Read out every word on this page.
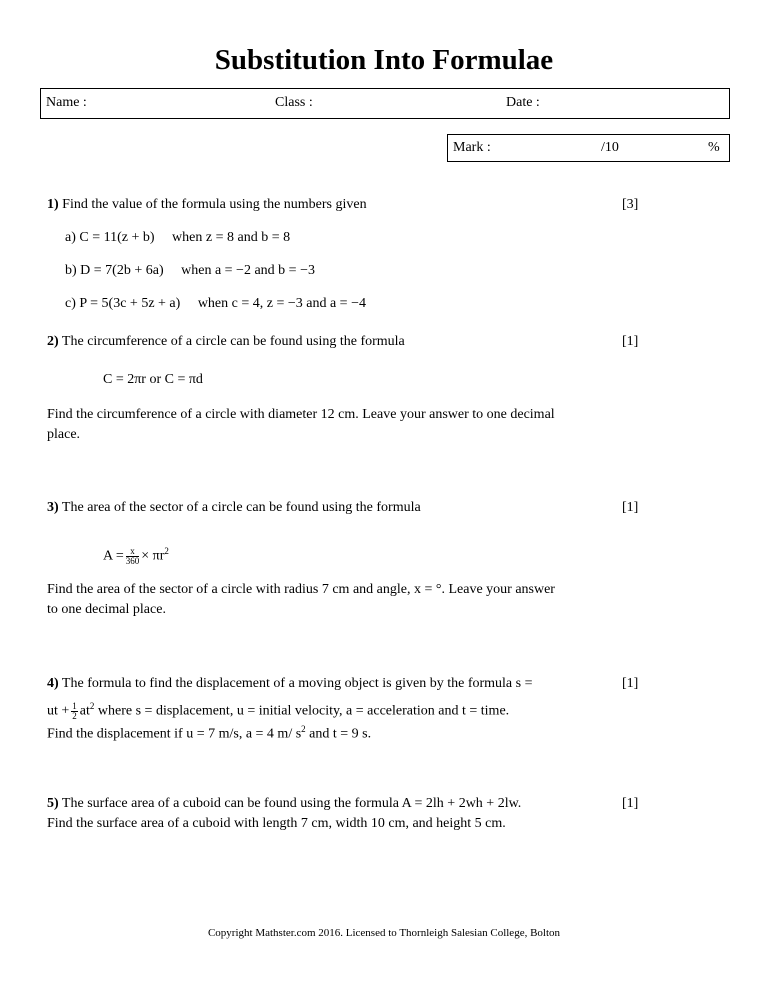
Substitution Into Formulae
Name :	Class :	Date :
Mark :	/10	%
1) Find the value of the formula using the numbers given	[3]
a) C = 11(z + b) when z = 8 and b = 8
b) D = 7(2b + 6a) when a = −2 and b = −3
c) P = 5(3c + 5z + a) when c = 4, z = −3 and a = −4
2) The circumference of a circle can be found using the formula	[1]
C = 2πr or C = πd
Find the circumference of a circle with diameter 12 cm. Leave your answer to one decimal
place.
3) The area of the sector of a circle can be found using the formula	[1]
$A = \frac{x}{360} \times \pi r^2$
Find the area of the sector of a circle with radius 7 cm and angle, x = °. Leave your answer
to one decimal place.
4) The formula to find the displacement of a moving object is given by the formula s =	[1]
ut + $\frac{1}{2} at^2$ where s = displacement, u = initial velocity, a = acceleration and t = time.
Find the displacement if u = 7 m/s, a = 4 m/ $s^2$ and t = 9 s.
5) The surface area of a cuboid can be found using the formula A = 2lh + 2wh + 2lw.	[1]
Find the surface area of a cuboid with length 7 cm, width 10 cm, and height 5 cm.
Copyright Mathster.com 2016. Licensed to Thornleigh Salesian College, Bolton
